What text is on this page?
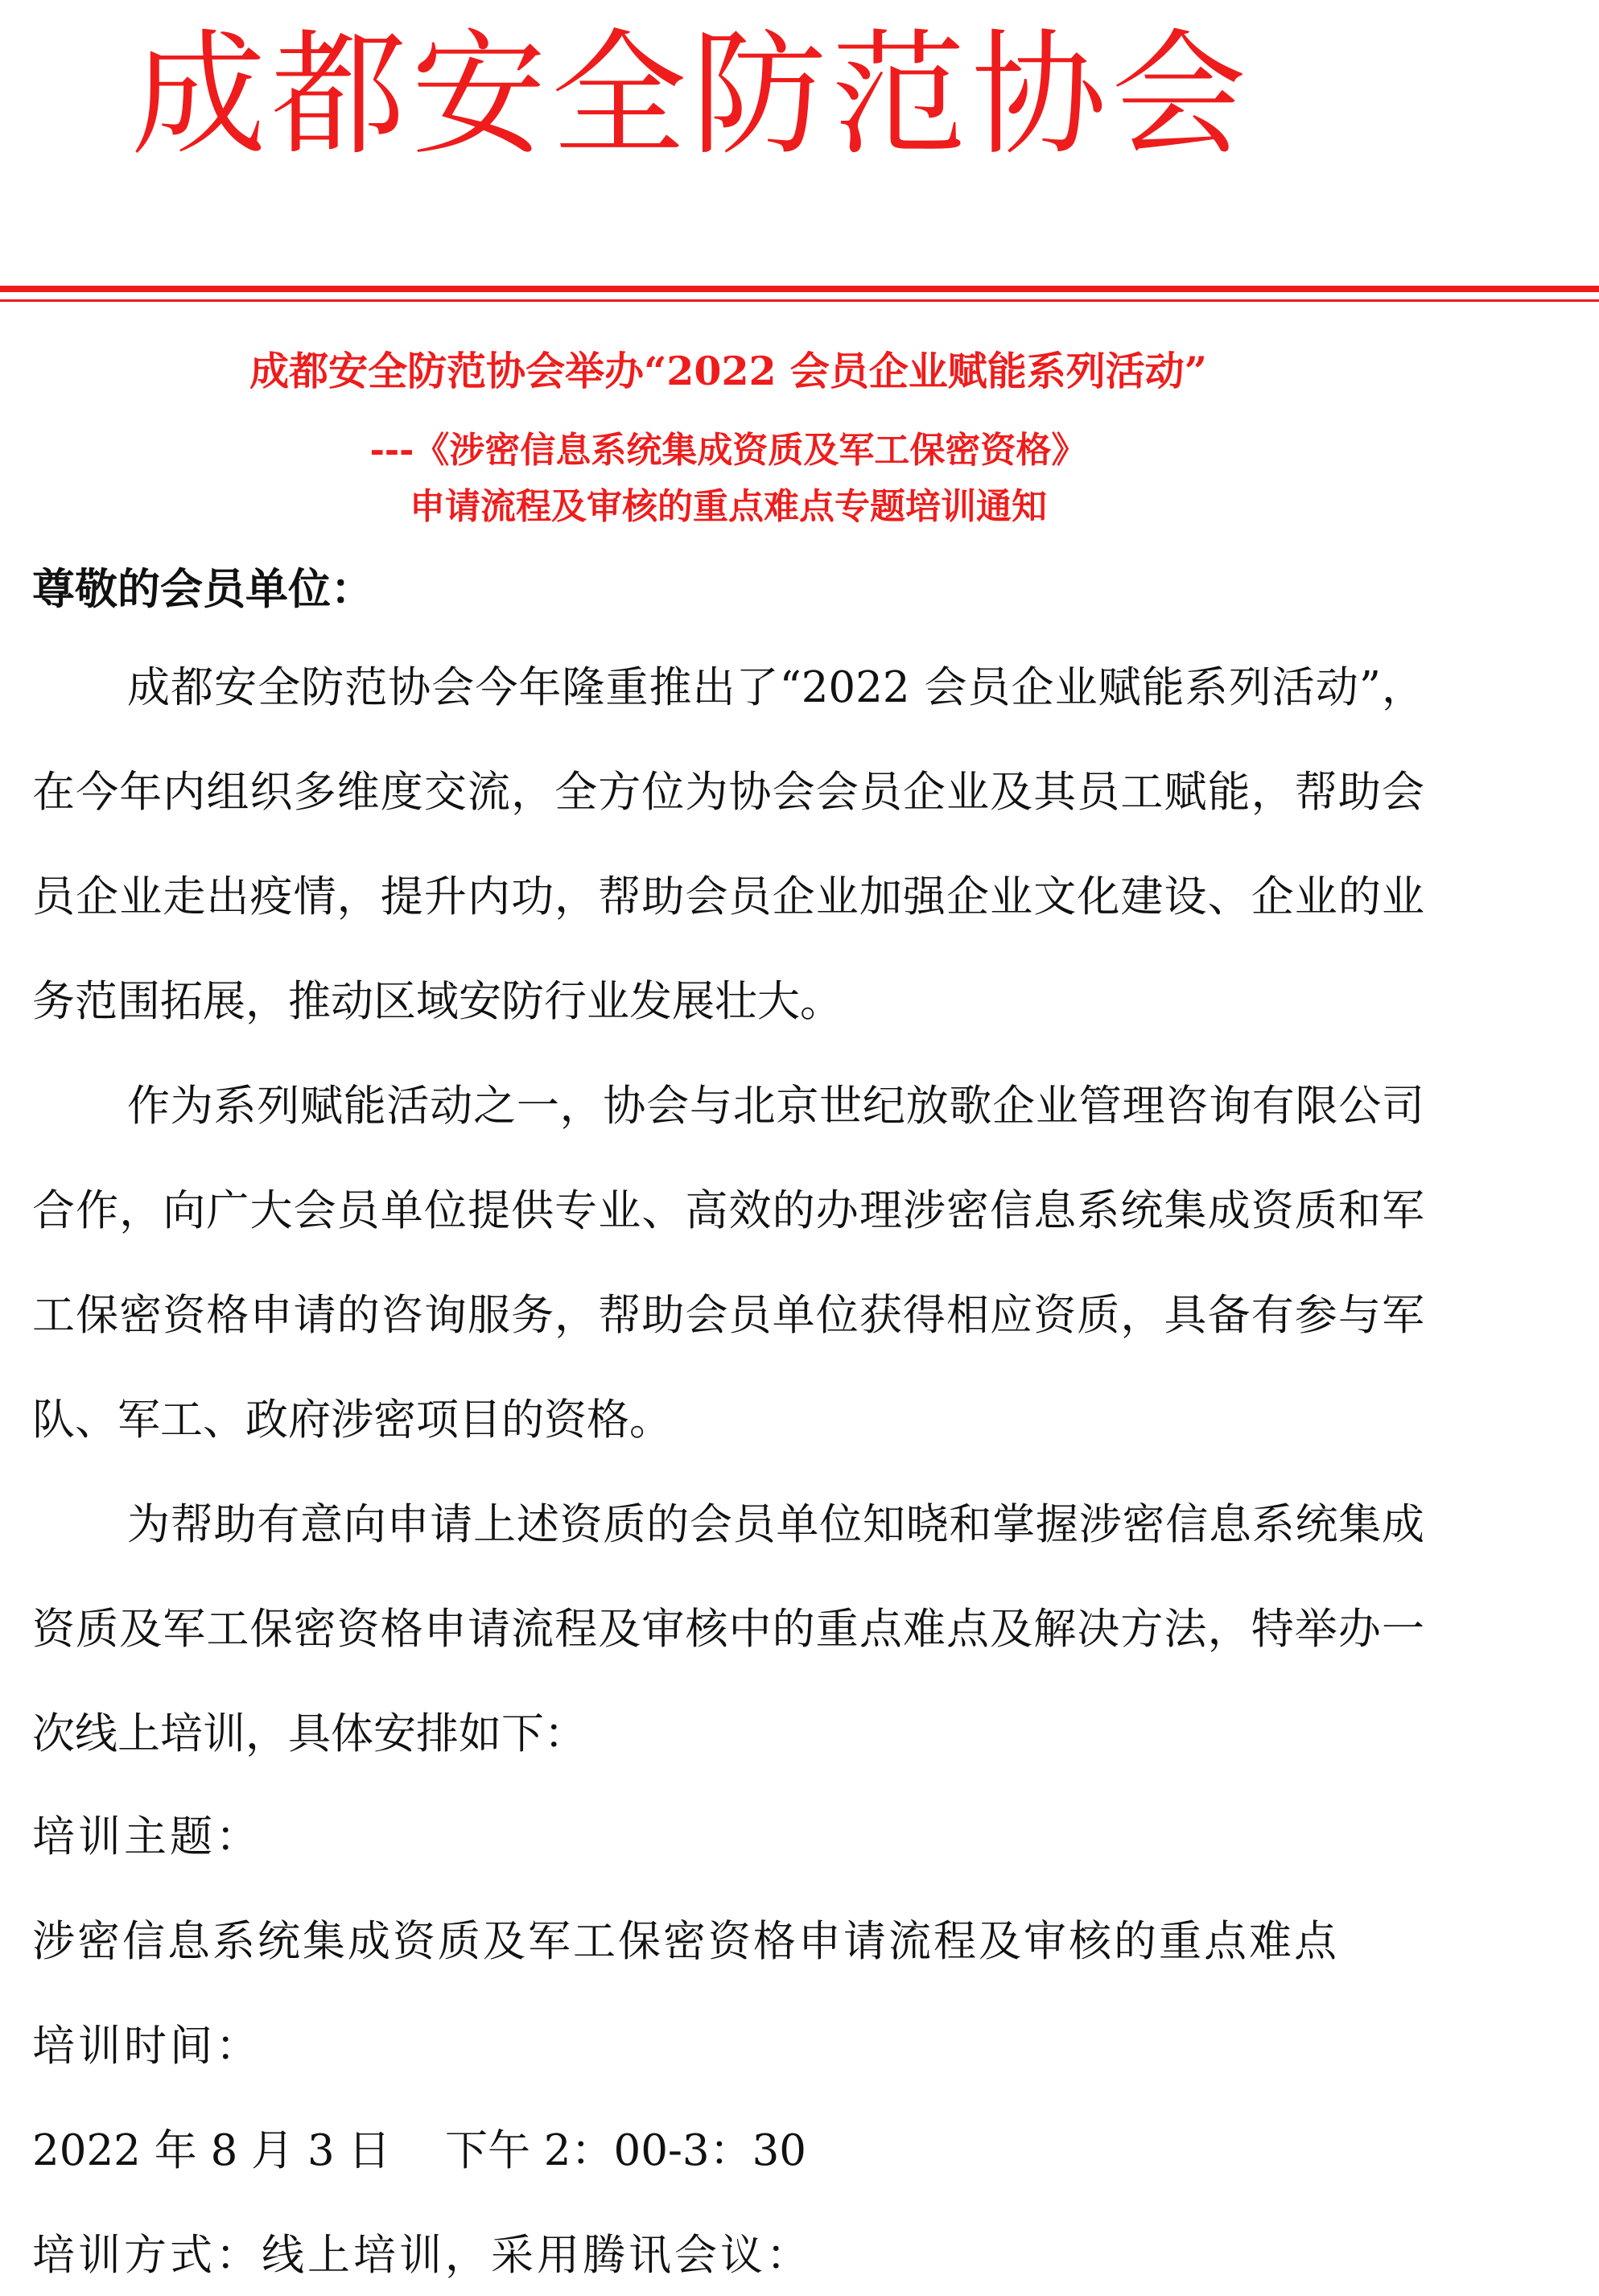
成都安全防范协会
成都安全防范协会举办“2022 会员企业赋能系列活动”
---《涉密信息系统集成资质及军工保密资格》
申请流程及审核的重点难点专题培训通知

尊敬的会员单位：

成都安全防范协会今年隆重推出了“2022 会员企业赋能系列活动”，在今年内组织多维度交流，全方位为协会会员企业及其员工赋能，帮助会员企业走出疫情，提升内功，帮助会员企业加强企业文化建设、企业的业务范围拓展，推动区域安防行业发展壮大。

作为系列赋能活动之一，协会与北京世纪放歌企业管理咨询有限公司合作，向广大会员单位提供专业、高效的办理涉密信息系统集成资质和军工保密资格申请的咨询服务，帮助会员单位获得相应资质，具备有参与军队、军工、政府涉密项目的资格。

为帮助有意向申请上述资质的会员单位知晓和掌握涉密信息系统集成资质及军工保密资格申请流程及审核中的重点难点及解决方法，特举办一次线上培训，具体安排如下：

培训主题：

涉密信息系统集成资质及军工保密资格申请流程及审核的重点难点

培训时间：

2022 年 8 月 3 日    下午 2：00-3：30

培训方式：线上培训，采用腾讯会议：
